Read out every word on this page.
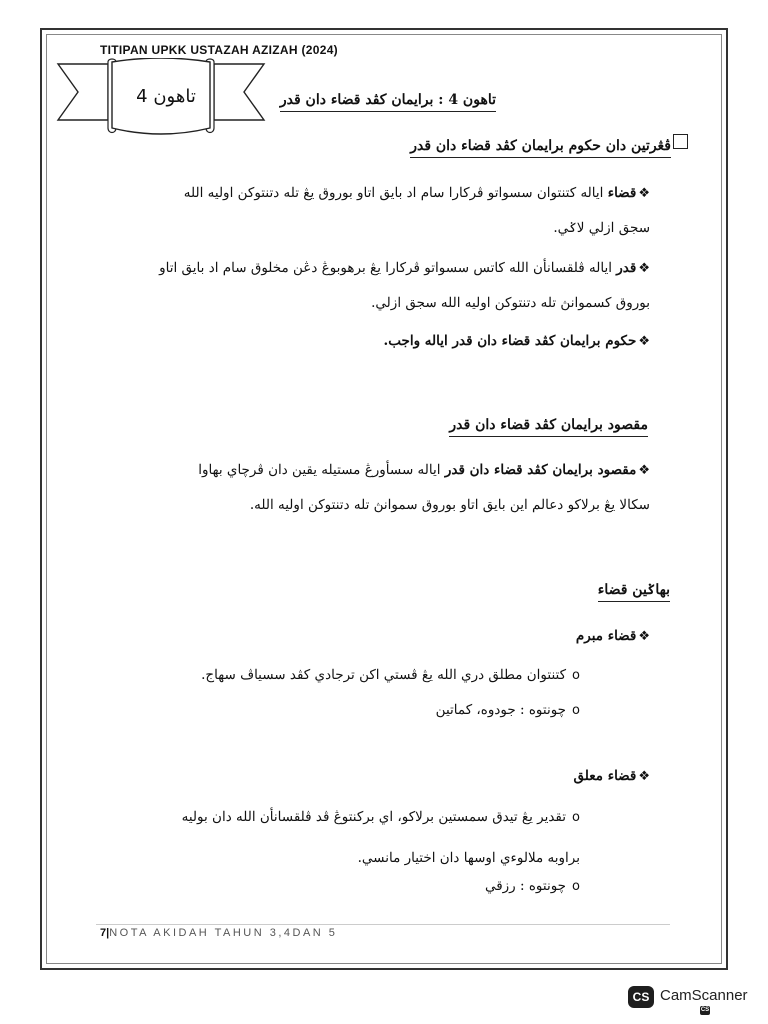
TITIPAN UPKK USTAZAH AZIZAH (2024)
تاهون 4	تاهون 4 : برايمان کڤد قضاء دان قدر
ڤڠرتين دان حکوم برايمان کڤد قضاء دان قدر
❖قضاء اياله کتنتوان سسواتو ڤرکارا سام اد بايق اتاو بوروق يڠ تله دتنتوکن اوليه الله
سجق ازلي لاݢي.
❖قدر اياله ڤلقسانأن الله کاتس سسواتو ڤرکارا يڠ برهوبوڠ دڠن مخلوق سام اد بايق اتاو
بوروق کسموانڽ تله دتنتوکن اوليه الله سجق ازلي.
❖حکوم برايمان کڤد قضاء دان قدر اياله واجب.
مقصود برايمان کڤد قضاء دان قدر
❖مقصود برايمان کڤد قضاء دان قدر اياله سسأورڠ مستيله يقين دان ڤرچاي بهاوا
سکالا يڠ برلاکو دعالم اين بايق اتاو بوروق سموانڽ تله دتنتوکن اوليه الله.
بهاݢين قضاء
❖قضاء مبرم
oکتنتوان مطلق دري الله يڠ ڤستي اکن ترجادي کڤد سسياڤ سهاج.
oچونتوه : جودوه، کماتين
❖قضاء معلق
oتقدير يڠ تيدق سمستين برلاکو، اي برکنتوڠ ڤد ڤلقسانأن الله دان بوليه
براوبه ملالوءي اوسها دان اختيار مانسي.
oچونتوه : رزقي
7|NOTA AKIDAH TAHUN 3,4DAN 5
CS CamScanner
CS
